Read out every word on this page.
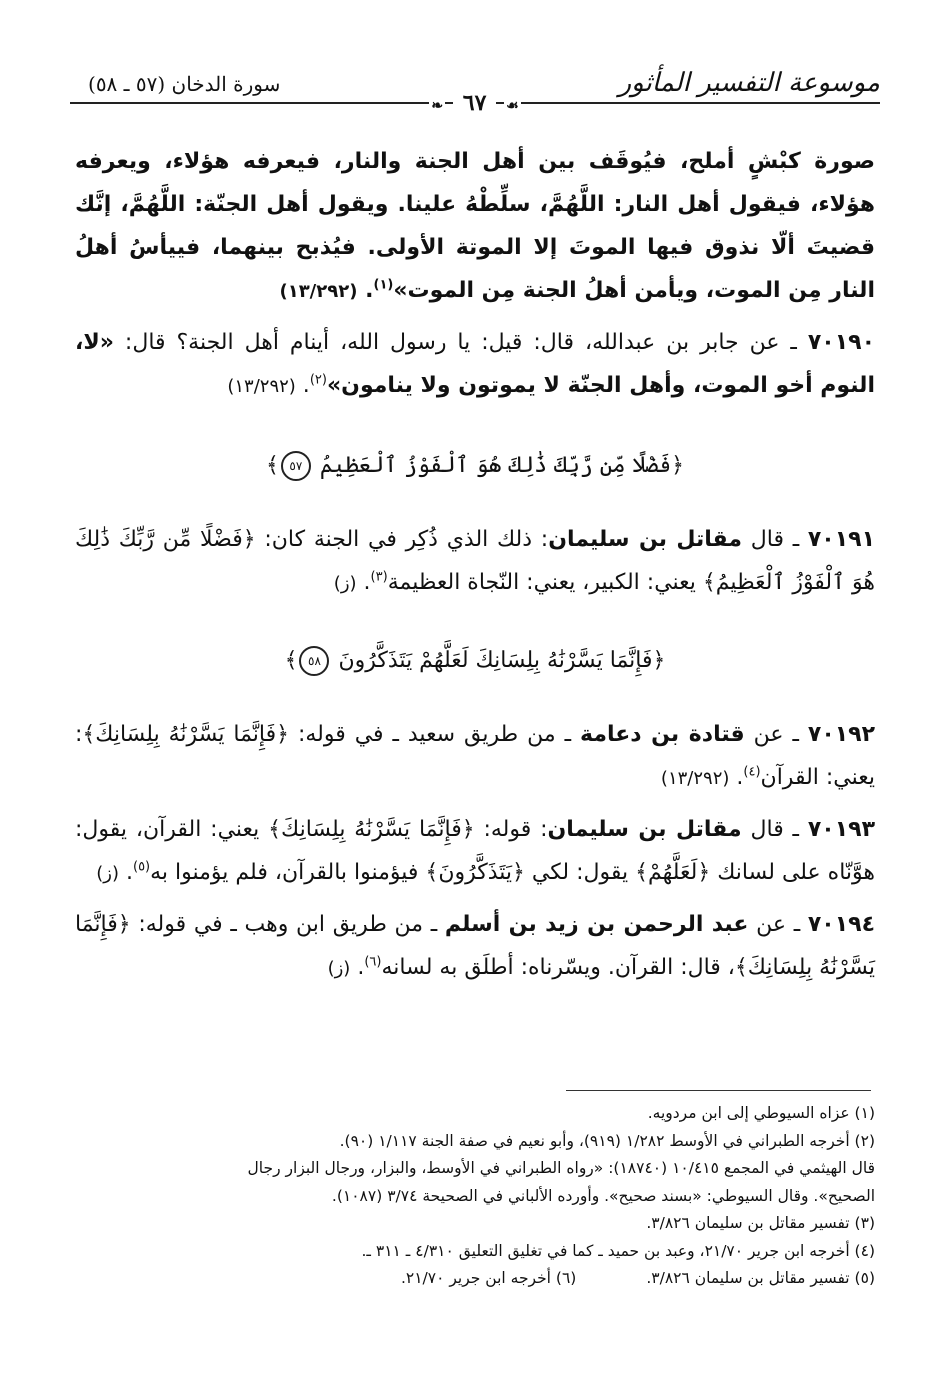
موسوعة التفسير المأثور
سورة الدخان (٥٧ ـ ٥٨)
❧ ٦٧ ☙

صورة كبْشٍ أملح، فيُوقَف بين أهل الجنة والنار، فيعرفه هؤلاء، ويعرفه هؤلاء، فيقول أهل النار: اللَّهُمَّ، سلِّطْهُ علينا. ويقول أهل الجنّة: اللَّهُمَّ، إنَّك قضيتَ ألّا نذوق فيها الموتَ إلا الموتة الأولى. فيُذبح بينهما، فييأسُ أهلُ النار مِن الموت، ويأمن أهلُ الجنة مِن الموت»$^{(١)}$. (١٣/٢٩٢)

٧٠١٩٠ ـ عن جابر بن عبدالله، قال: قيل: يا رسول الله، أينام أهل الجنة؟ قال: «لا، النوم أخو الموت، وأهل الجنّة لا يموتون ولا ينامون»$^{(٢)}$. (١٣/٢٩٢)

﴿فَضْلًا مِّن رَّبِّكَ ذَٰلِكَ هُوَ ٱلْفَوْزُ ٱلْعَظِيمُ ٥٧﴾

٧٠١٩١ ـ قال مقاتل بن سليمان: ذلك الذي ذُكِر في الجنة كان: ﴿فَضْلًا مِّن رَّبِّكَ ذَٰلِكَ هُوَ ٱلْفَوْزُ ٱلْعَظِيمُ﴾ يعني: الكبير، يعني: النّجاة العظيمة$^{(٣)}$. (ز)

﴿فَإِنَّمَا يَسَّرْنَٰهُ بِلِسَانِكَ لَعَلَّهُمْ يَتَذَكَّرُونَ ٥٨﴾

٧٠١٩٢ ـ عن قتادة بن دعامة ـ من طريق سعيد ـ في قوله: ﴿فَإِنَّمَا يَسَّرْنَٰهُ بِلِسَانِكَ﴾: يعني: القرآن$^{(٤)}$. (١٣/٢٩٢)

٧٠١٩٣ ـ قال مقاتل بن سليمان: قوله: ﴿فَإِنَّمَا يَسَّرْنَٰهُ بِلِسَانِكَ﴾ يعني: القرآن، يقول: هوَّنّاه على لسانك ﴿لَعَلَّهُمْ﴾ يقول: لكي ﴿يَتَذَكَّرُونَ﴾ فيؤمنوا بالقرآن، فلم يؤمنوا به$^{(٥)}$. (ز)

٧٠١٩٤ ـ عن عبد الرحمن بن زيد بن أسلم ـ من طريق ابن وهب ـ في قوله: ﴿فَإِنَّمَا يَسَّرْنَٰهُ بِلِسَانِكَ﴾، قال: القرآن. ويسّرناه: أطلَق به لسانه$^{(٦)}$. (ز)

(١) عزاه السيوطي إلى ابن مردويه.

(٢) أخرجه الطبراني في الأوسط ١/٢٨٢ (٩١٩)، وأبو نعيم في صفة الجنة ١/١١٧ (٩٠).

قال الهيثمي في المجمع ١٠/٤١٥ (١٨٧٤٠): «رواه الطبراني في الأوسط، والبزار، ورجال البزار رجال

الصحيح». وقال السيوطي: «بسند صحيح». وأورده الألباني في الصحيحة ٣/٧٤ (١٠٨٧).

(٣) تفسير مقاتل بن سليمان ٣/٨٢٦.

(٤) أخرجه ابن جرير ٢١/٧٠، وعبد بن حميد ـ كما في تغليق التعليق ٤/٣١٠ ـ ٣١١ ـ.

(٥) تفسير مقاتل بن سليمان ٣/٨٢٦.

(٦) أخرجه ابن جرير ٢١/٧٠.
